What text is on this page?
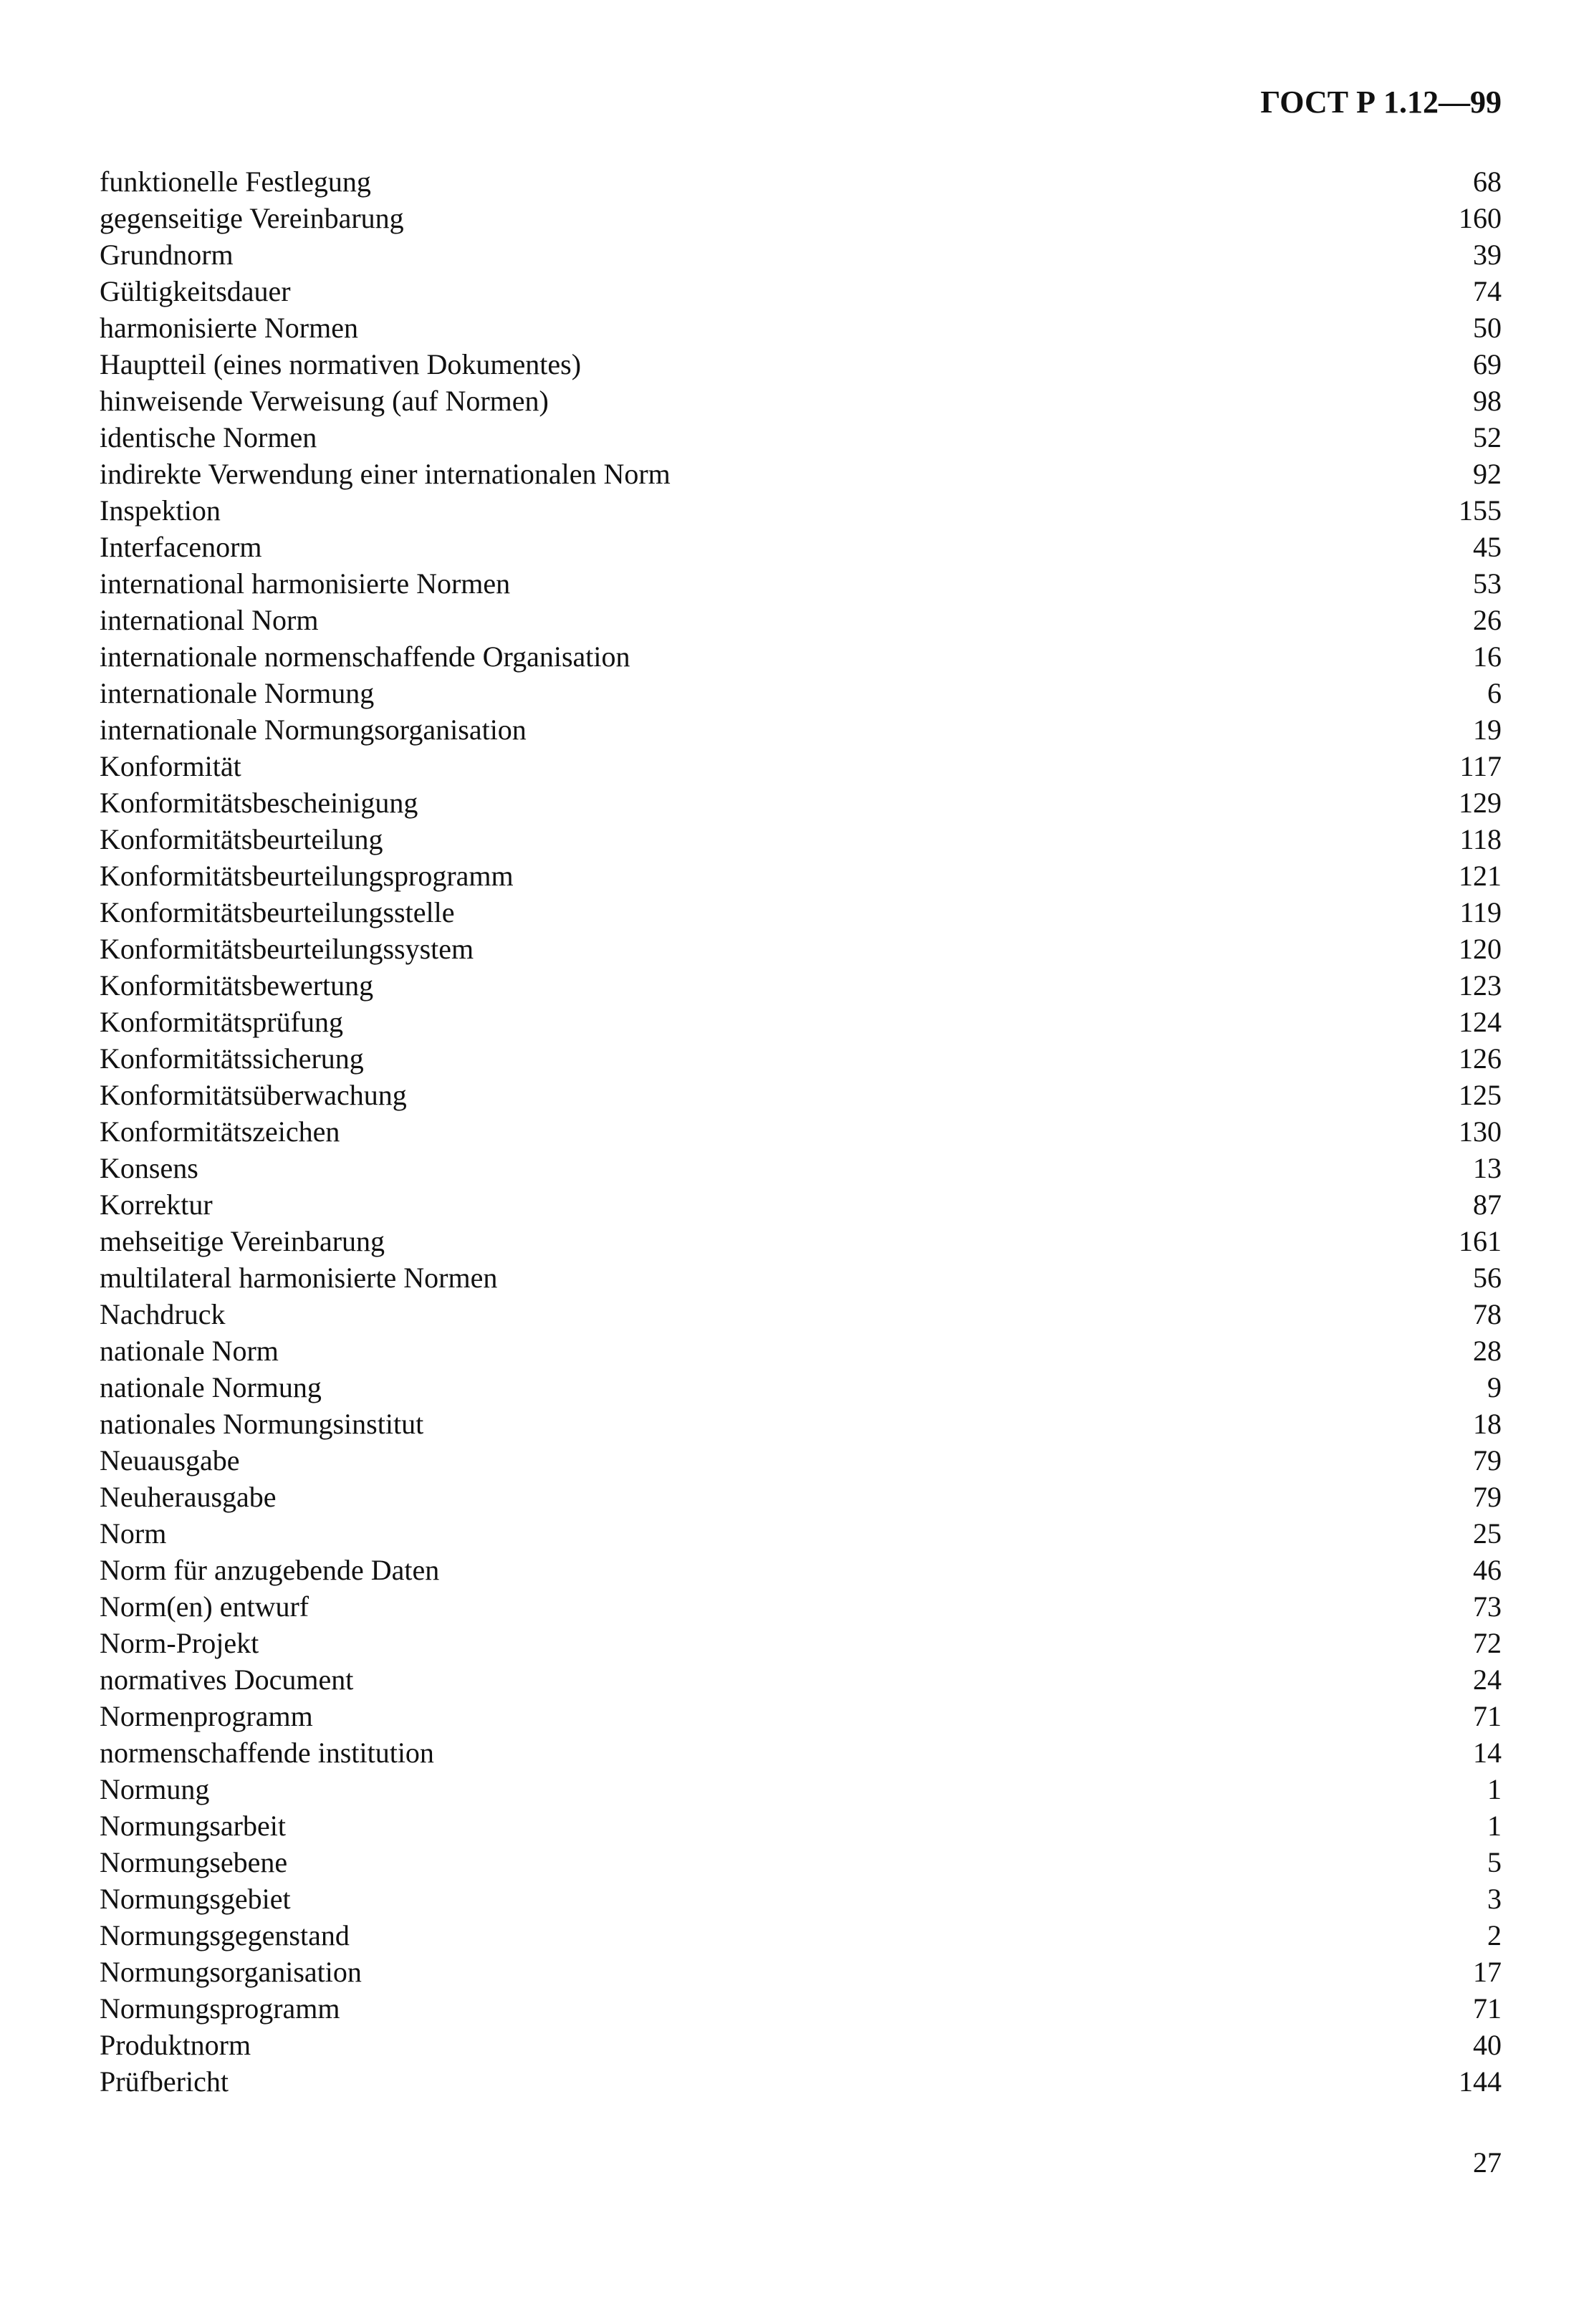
ГОСТ Р 1.12—99
funktionelle Festlegung	68
gegenseitige Vereinbarung	160
Grundnorm	39
Gültigkeitsdauer	74
harmonisierte Normen	50
Hauptteil (eines normativen Dokumentes)	69
hinweisende Verweisung (auf Normen)	98
identische Normen	52
indirekte Verwendung einer internationalen Norm	92
Inspektion	155
Interfacenorm	45
international harmonisierte Normen	53
international Norm	26
internationale normenschaffende Organisation	16
internationale Normung	6
internationale Normungsorganisation	19
Konformität	117
Konformitätsbescheinigung	129
Konformitätsbeurteilung	118
Konformitätsbeurteilungsprogramm	121
Konformitätsbeurteilungsstelle	119
Konformitätsbeurteilungssystem	120
Konformitätsbewertung	123
Konformitätsprüfung	124
Konformitätssicherung	126
Konformitätsüberwachung	125
Konformitätszeichen	130
Konsens	13
Korrektur	87
mehseitige Vereinbarung	161
multilateral harmonisierte Normen	56
Nachdruck	78
nationale Norm	28
nationale Normung	9
nationales Normungsinstitut	18
Neuausgabe	79
Neuherausgabe	79
Norm	25
Norm für anzugebende Daten	46
Norm(en) entwurf	73
Norm-Projekt	72
normatives Document	24
Normenprogramm	71
normenschaffende institution	14
Normung	1
Normungsarbeit	1
Normungsebene	5
Normungsgebiet	3
Normungsgegenstand	2
Normungsorganisation	17
Normungsprogramm	71
Produktnorm	40
Prüfbericht	144
27
